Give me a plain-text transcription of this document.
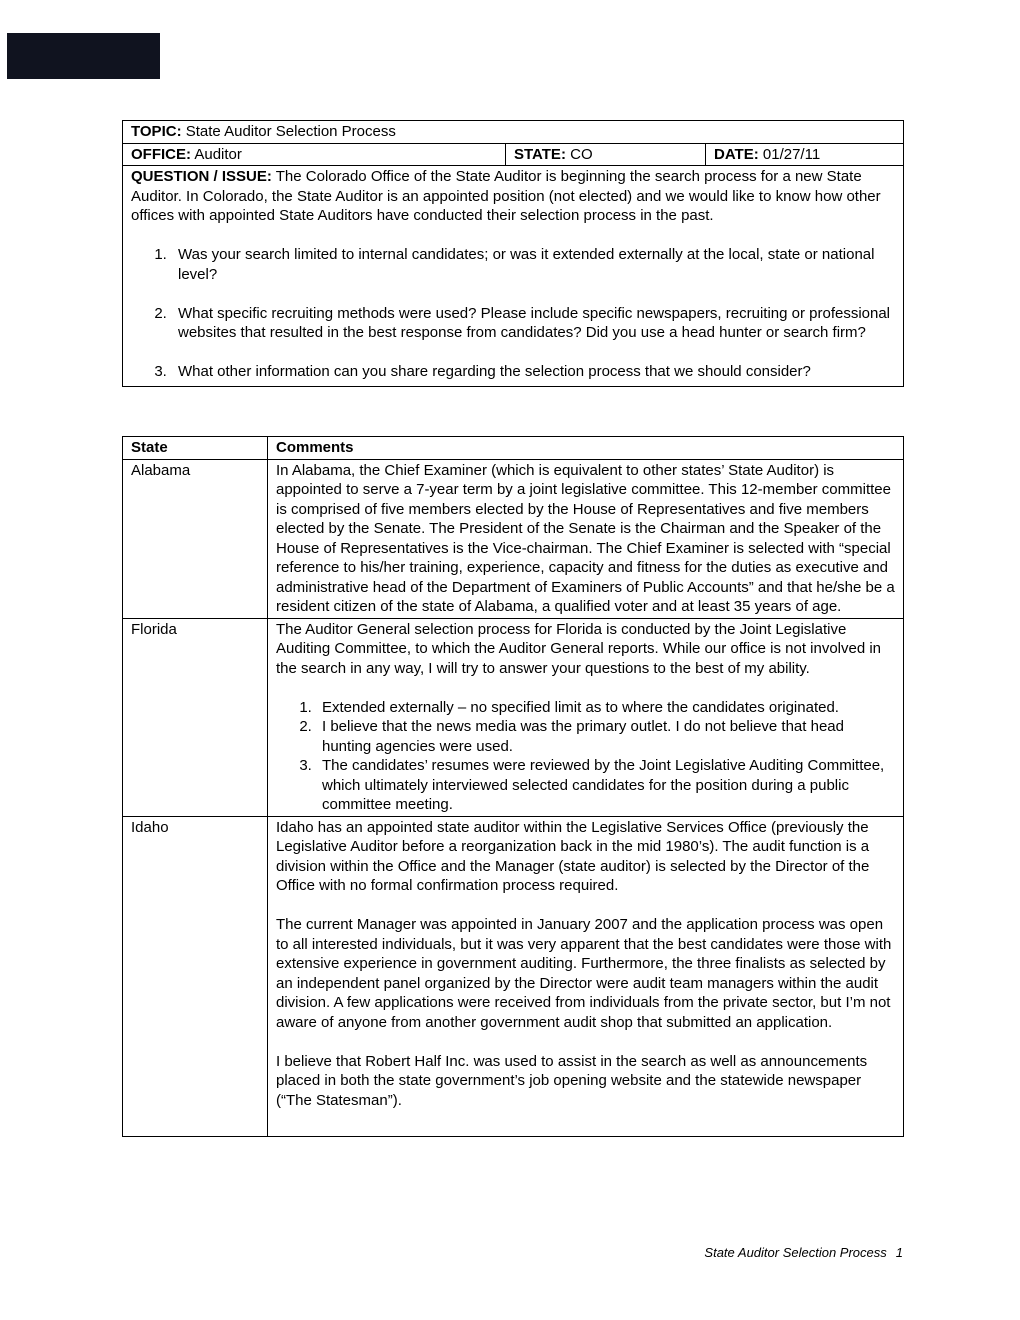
TOPIC: State Auditor Selection Process
OFFICE: Auditor	STATE: CO	DATE: 01/27/11

QUESTION / ISSUE: The Colorado Office of the State Auditor is beginning the search process for a new State Auditor. In Colorado, the State Auditor is an appointed position (not elected) and we would like to know how other offices with appointed State Auditors have conducted their selection process in the past.

1. Was your search limited to internal candidates; or was it extended externally at the local, state or national level?
2. What specific recruiting methods were used? Please include specific newspapers, recruiting or professional websites that resulted in the best response from candidates? Did you use a head hunter or search firm?
3. What other information can you share regarding the selection process that we should consider?
State	Comments
Alabama	In Alabama, the Chief Examiner (which is equivalent to other states’ State Auditor) is appointed to serve a 7-year term by a joint legislative committee. This 12-member committee is comprised of five members elected by the House of Representatives and five members elected by the Senate. The President of the Senate is the Chairman and the Speaker of the House of Representatives is the Vice-chairman. The Chief Examiner is selected with “special reference to his/her training, experience, capacity and fitness for the duties as executive and administrative head of the Department of Examiners of Public Accounts” and that he/she be a resident citizen of the state of Alabama, a qualified voter and at least 35 years of age.

Florida	The Auditor General selection process for Florida is conducted by the Joint Legislative Auditing Committee, to which the Auditor General reports. While our office is not involved in the search in any way, I will try to answer your questions to the best of my ability.

1. Extended externally – no specified limit as to where the candidates originated.
2. I believe that the news media was the primary outlet. I do not believe that head hunting agencies were used.
3. The candidates’ resumes were reviewed by the Joint Legislative Auditing Committee, which ultimately interviewed selected candidates for the position during a public committee meeting.

Idaho	Idaho has an appointed state auditor within the Legislative Services Office (previously the Legislative Auditor before a reorganization back in the mid 1980’s). The audit function is a division within the Office and the Manager (state auditor) is selected by the Director of the Office with no formal confirmation process required.

The current Manager was appointed in January 2007 and the application process was open to all interested individuals, but it was very apparent that the best candidates were those with extensive experience in government auditing. Furthermore, the three finalists as selected by an independent panel organized by the Director were audit team managers within the audit division. A few applications were received from individuals from the private sector, but I’m not aware of anyone from another government audit shop that submitted an application.

I believe that Robert Half Inc. was used to assist in the search as well as announcements placed in both the state government’s job opening website and the statewide newspaper (“The Statesman”).

State Auditor Selection Process 1
